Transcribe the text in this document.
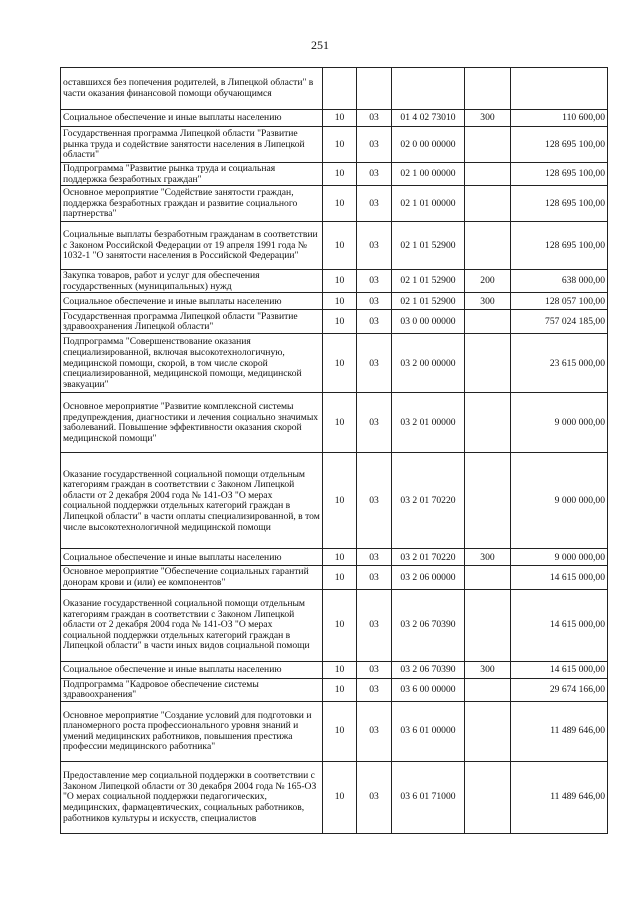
251
оставшихся без попечения родителей, в Липецкой области" в части оказания финансовой помощи обучающимся					
Социальное обеспечение и иные выплаты населению	10	03	01 4 02 73010	300	110 600,00
Государственная программа Липецкой области "Развитие рынка труда и содействие занятости населения в Липецкой области"	10	03	02 0 00 00000		128 695 100,00
Подпрограмма "Развитие рынка труда и социальная поддержка безработных граждан"	10	03	02 1 00 00000		128 695 100,00
Основное мероприятие "Содействие занятости граждан, поддержка безработных граждан и развитие социального партнерства"	10	03	02 1 01 00000		128 695 100,00
Социальные выплаты безработным гражданам в соответствии с Законом Российской Федерации от 19 апреля 1991 года № 1032-1 "О занятости населения в Российской Федерации"	10	03	02 1 01 52900		128 695 100,00
Закупка товаров, работ и услуг для обеспечения государственных (муниципальных) нужд	10	03	02 1 01 52900	200	638 000,00
Социальное обеспечение и иные выплаты населению	10	03	02 1 01 52900	300	128 057 100,00
Государственная программа Липецкой области "Развитие здравоохранения Липецкой области"	10	03	03 0 00 00000		757 024 185,00
Подпрограмма "Совершенствование оказания специализированной, включая высокотехнологичную, медицинской помощи, скорой, в том числе скорой специализированной, медицинской помощи, медицинской эвакуации"	10	03	03 2 00 00000		23 615 000,00
Основное мероприятие "Развитие комплексной системы предупреждения, диагностики и лечения социально значимых заболеваний. Повышение эффективности оказания скорой медицинской помощи"	10	03	03 2 01 00000		9 000 000,00
Оказание государственной социальной помощи отдельным категориям граждан в соответствии с Законом Липецкой области от 2 декабря 2004 года № 141-ОЗ "О мерах социальной поддержки отдельных категорий граждан в Липецкой области" в части оплаты специализированной, в том числе высокотехнологичной медицинской помощи	10	03	03 2 01 70220		9 000 000,00
Социальное обеспечение и иные выплаты населению	10	03	03 2 01 70220	300	9 000 000,00
Основное мероприятие "Обеспечение социальных гарантий донорам крови и (или) ее компонентов"	10	03	03 2 06 00000		14 615 000,00
Оказание государственной социальной помощи отдельным категориям граждан в соответствии с Законом Липецкой области от 2 декабря 2004 года № 141-ОЗ "О мерах социальной поддержки отдельных категорий граждан в Липецкой области" в части иных видов социальной помощи	10	03	03 2 06 70390		14 615 000,00
Социальное обеспечение и иные выплаты населению	10	03	03 2 06 70390	300	14 615 000,00
Подпрограмма "Кадровое обеспечение системы здравоохранения"	10	03	03 6 00 00000		29 674 166,00
Основное мероприятие "Создание условий для подготовки и планомерного роста профессионального уровня знаний и умений медицинских работников, повышения престижа профессии медицинского работника"	10	03	03 6 01 00000		11 489 646,00
Предоставление мер социальной поддержки в соответствии с Законом Липецкой области от 30 декабря 2004 года № 165-ОЗ "О мерах социальной поддержки педагогических, медицинских, фармацевтических, социальных работников, работников культуры и искусств, специалистов	10	03	03 6 01 71000		11 489 646,00
